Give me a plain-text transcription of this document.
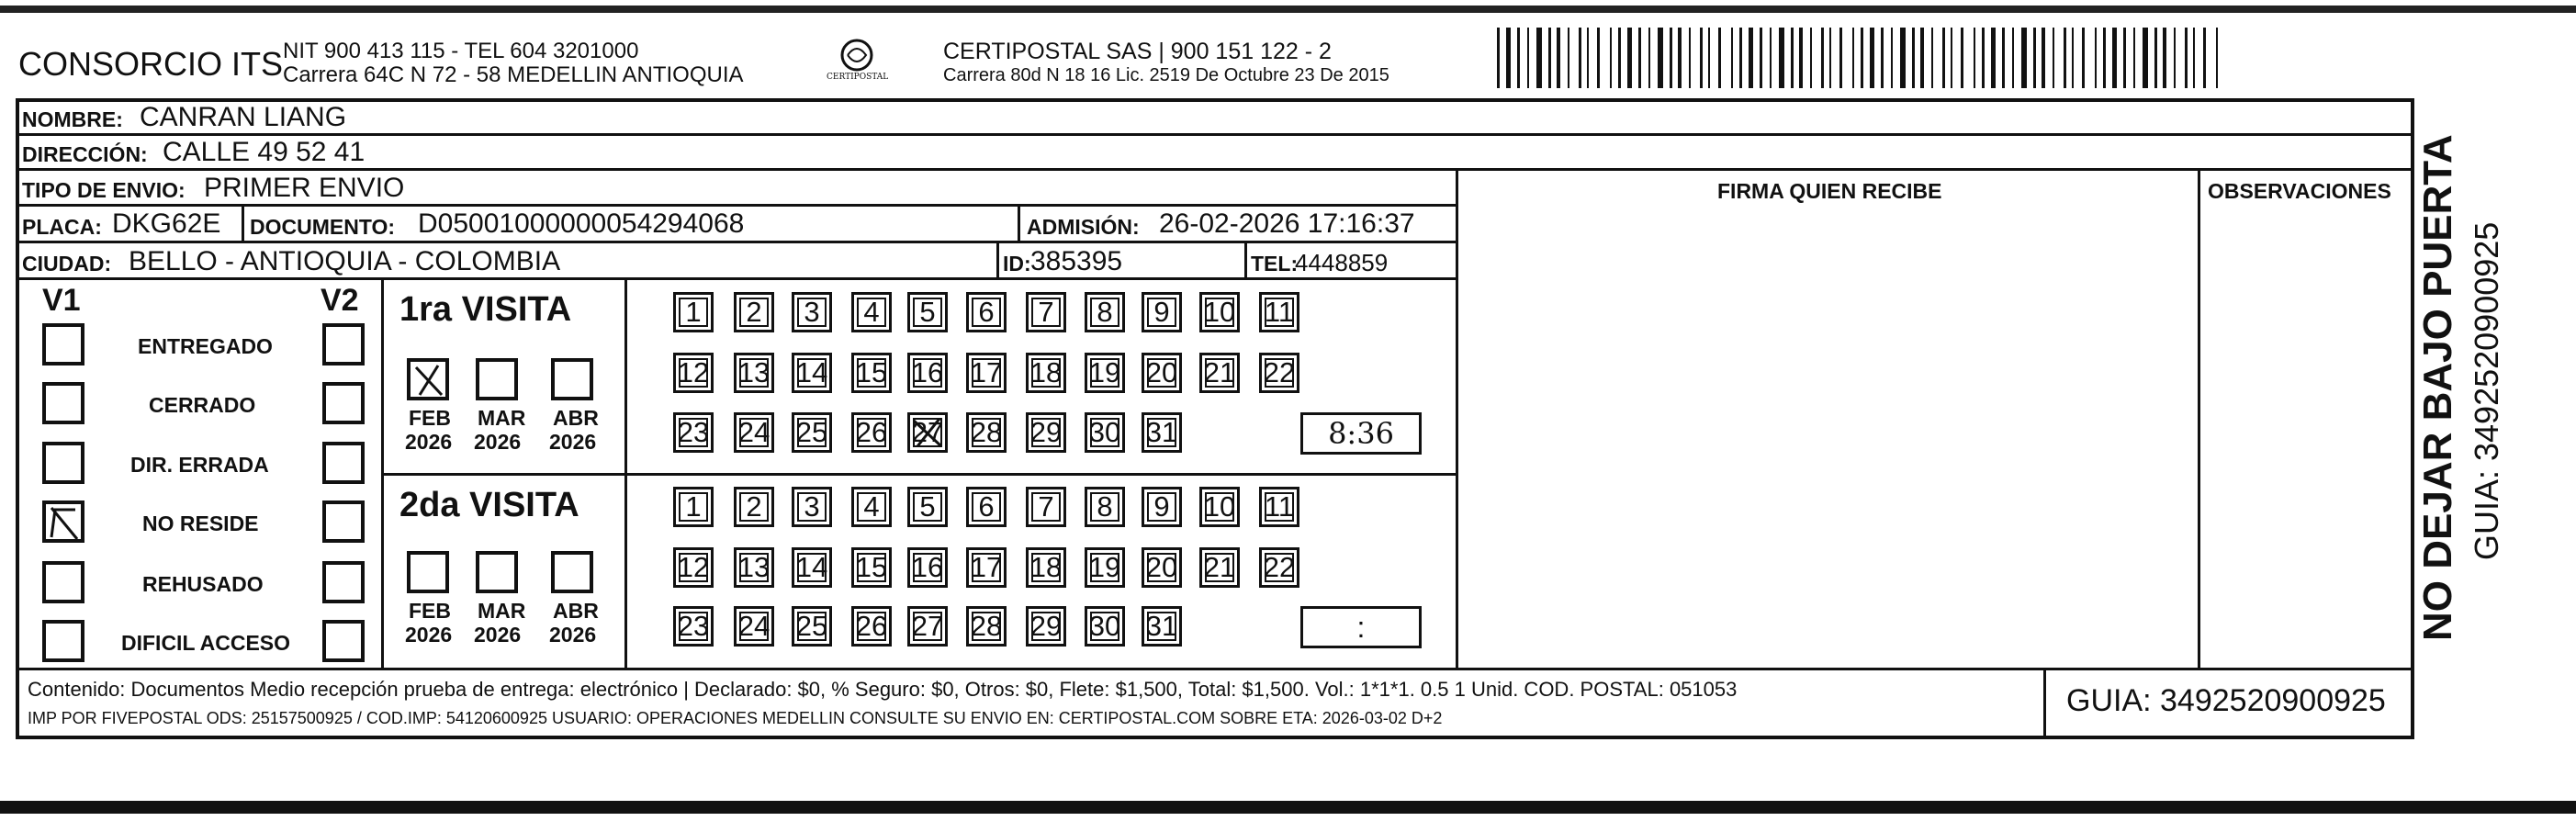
CONSORCIO ITS NIT 900 413 115 - TEL 604 3201000
Carrera 64C N 72 - 58 MEDELLIN ANTIOQUIA	CERTIPOSTAL
CERTIPOSTAL SAS | 900 151 122 - 2
Carrera 80d N 18 16 Lic. 2519 De Octubre 23 De 2015
NOMBRE: CANRAN LIANG
DIRECCIÓN: CALLE 49 52 41
TIPO DE ENVIO: PRIMER ENVIO	FIRMA QUIEN RECIBE	OBSERVACIONES
PLACA: DKG62E DOCUMENTO: D05001000000054294068	ADMISIÓN: 26-02-2026 17:16:37
CIUDAD: BELLO - ANTIOQUIA - COLOMBIA	ID: 385395	TEL:
4448859
V1	V2
ENTREGADO
CERRADO
DIR. ERRADA
NO RESIDE
REHUSADO
DIFICIL ACCESO
1ra VISITA
2da VISITA
FEB
2026
MAR
2026
ABR
2026
FEB
2026
MAR
2026
ABR
2026
1	2	3	4	5	6	7	8	9	10 11
12 13 14 15 16 17 18 19 20 21 22
23 24 25 26 27 28 29 30 31	8:36
1	2	3	4	5	6	7	8	9	10 11
12 13 14 15 16 17 18 19 20 21 22
23 24 25 26 27 28 29 30 31	:
Contenido: Documentos Medio recepción prueba de entrega: electrónico | Declarado: $0, % Seguro: $0, Otros: $0, Flete: $1,500, Total: $1,500. Vol.: 1*1*1. 0.5 1 Unid. COD. POSTAL: 051053
IMP POR FIVEPOSTAL ODS: 25157500925 / COD.IMP: 54120600925 USUARIO: OPERACIONES MEDELLIN CONSULTE SU ENVIO EN: CERTIPOSTAL.COM SOBRE ETA: 2026-03-02 D+2	GUIA: 3492520900925
NO DEJAR BAJO PUERTA GUIA: 3492520900925
